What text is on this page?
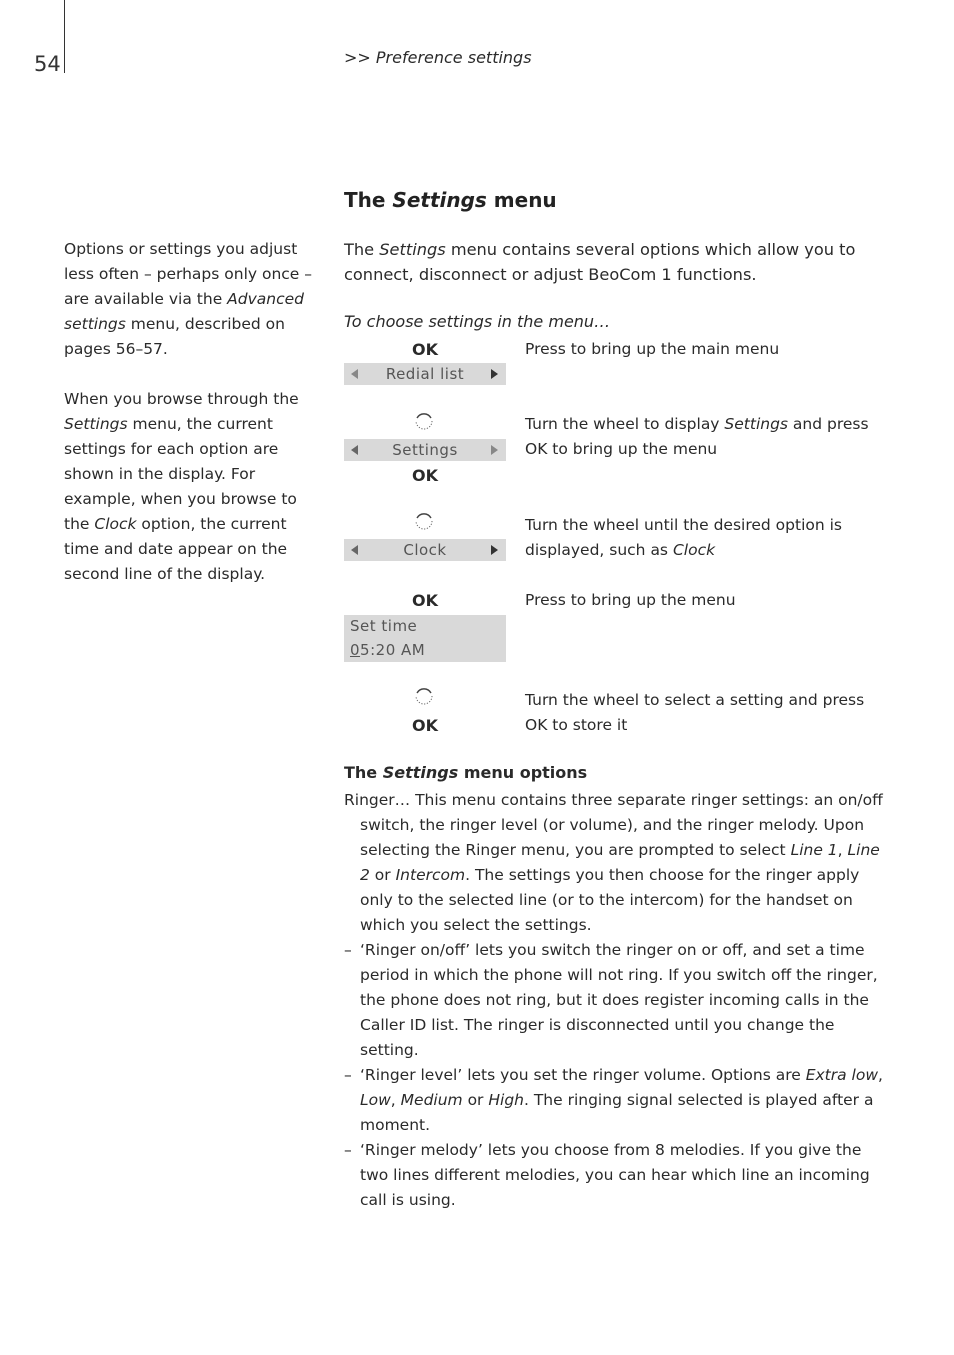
54	>> Preference settings
The Settings menu

Options or settings you adjust less often – perhaps only once – are available via the Advanced settings menu, described on pages 56–57.

When you browse through the Settings menu, the current settings for each option are shown in the display. For example, when you browse to the Clock option, the current time and date appear on the second line of the display.

The Settings menu contains several options which allow you to connect, disconnect or adjust BeoCom 1 functions.
To choose settings in the menu…
OK
Redial list
Press to bring up the main menu
Settings
OK
Turn the wheel to display Settings and press OK to bring up the menu
Clock
Turn the wheel until the desired option is displayed, such as Clock
OK
Set time
05:20 AM
Press to bring up the menu
OK
Turn the wheel to select a setting and press OK to store it
The Settings menu options

Ringer… This menu contains three separate ringer settings: an on/off switch, the ringer level (or volume), and the ringer melody. Upon selecting the Ringer menu, you are prompted to select Line 1, Line 2 or Intercom. The settings you then choose for the ringer apply only to the selected line (or to the intercom) for the handset on which you select the settings.

– ‘Ringer on/off’ lets you switch the ringer on or off, and set a time period in which the phone will not ring. If you switch off the ringer, the phone does not ring, but it does register incoming calls in the Caller ID list. The ringer is disconnected until you change the setting.

– ‘Ringer level’ lets you set the ringer volume. Options are Extra low, Low, Medium or High. The ringing signal selected is played after a moment.

– ‘Ringer melody’ lets you choose from 8 melodies. If you give the two lines different melodies, you can hear which line an incoming call is using.
